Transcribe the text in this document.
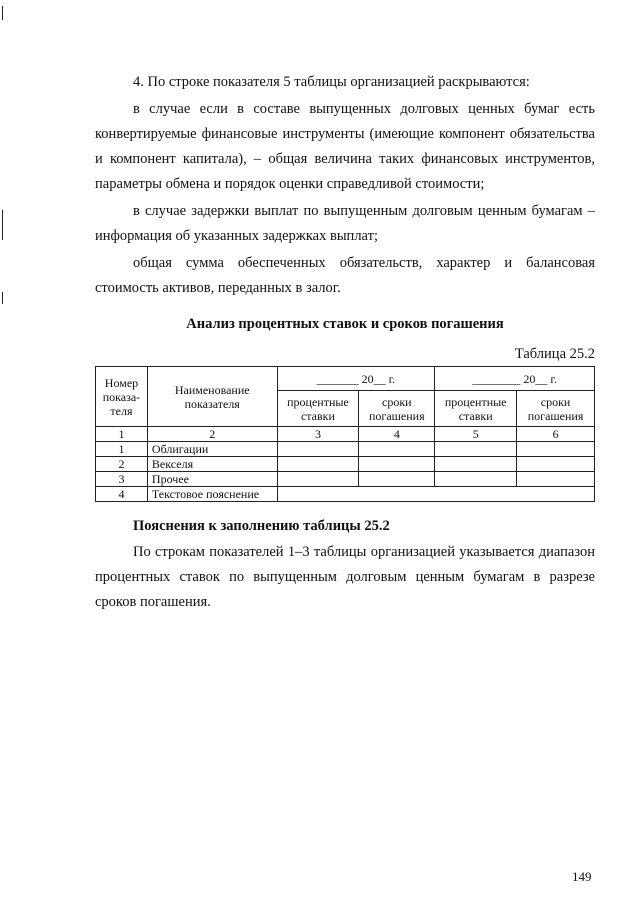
4. По строке показателя 5 таблицы организацией раскрываются:

в случае если в составе выпущенных долговых ценных бумаг есть конвертируемые финансовые инструменты (имеющие компонент обязательства и компонент капитала), – общая величина таких финансовых инструментов, параметры обмена и порядок оценки справедливой стоимости;

в случае задержки выплат по выпущенным долговым ценным бумагам – информация об указанных задержках выплат;

общая сумма обеспеченных обязательств, характер и балансовая стоимость активов, переданных в залог.

Анализ процентных ставок и сроков погашения
Таблица 25.2
Номер показа-теля	Наименование показателя	_______ 20__ г.		________ 20__ г.	
		процентные ставки	сроки погашения	процентные ставки	сроки погашения
1	2	3	4	5	6
1	Облигации				
2	Векселя				
3	Прочее				
4	Текстовое пояснение				
Пояснения к заполнению таблицы 25.2

По строкам показателей 1–3 таблицы организацией указывается диапазон процентных ставок по выпущенным долговым ценным бумагам в разрезе сроков погашения.

149
